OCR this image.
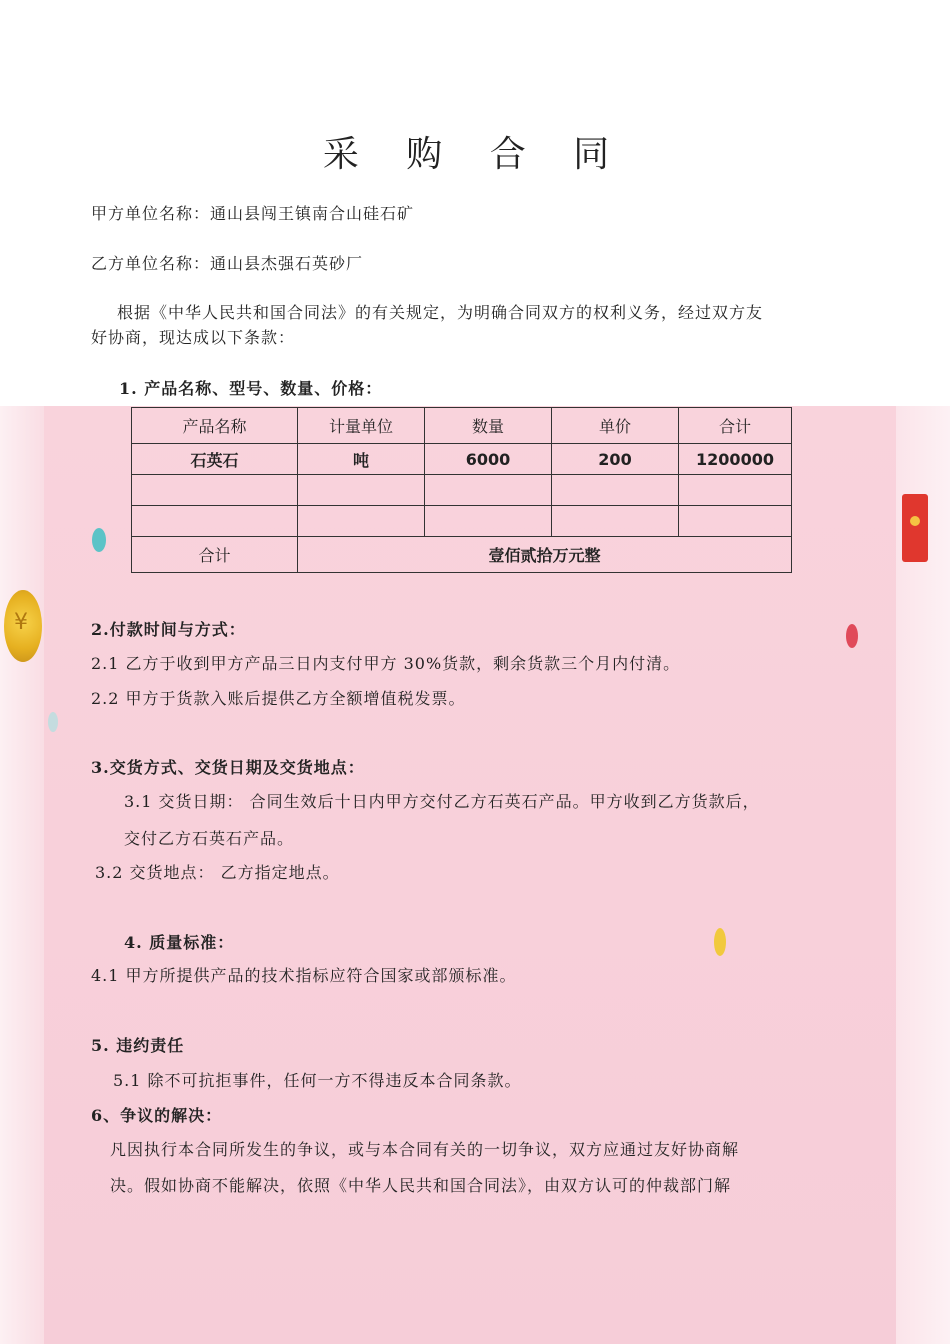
¥
采 购 合 同
甲方单位名称：通山县闯王镇南合山硅石矿
乙方单位名称：通山县杰强石英砂厂
根据《中华人民共和国合同法》的有关规定，为明确合同双方的权利义务，经过双方友
好协商，现达成以下条款：
1. 产品名称、型号、数量、价格：
产品名称	计量单位	数量	单价	合计
石英石	吨	6000	200	1200000

合计	壹佰贰拾万元整			
2.付款时间与方式：
2.1 乙方于收到甲方产品三日内支付甲方 30%货款，剩余货款三个月内付清。
2.2 甲方于货款入账后提供乙方全额增值税发票。
3.交货方式、交货日期及交货地点：
3.1 交货日期： 合同生效后十日内甲方交付乙方石英石产品。甲方收到乙方货款后，
交付乙方石英石产品。
3.2 交货地点： 乙方指定地点。
4. 质量标准：
4.1 甲方所提供产品的技术指标应符合国家或部颁标准。
5. 违约责任
5.1 除不可抗拒事件，任何一方不得违反本合同条款。
6、争议的解决：
凡因执行本合同所发生的争议，或与本合同有关的一切争议，双方应通过友好协商解
决。假如协商不能解决，依照《中华人民共和国合同法》，由双方认可的仲裁部门解
